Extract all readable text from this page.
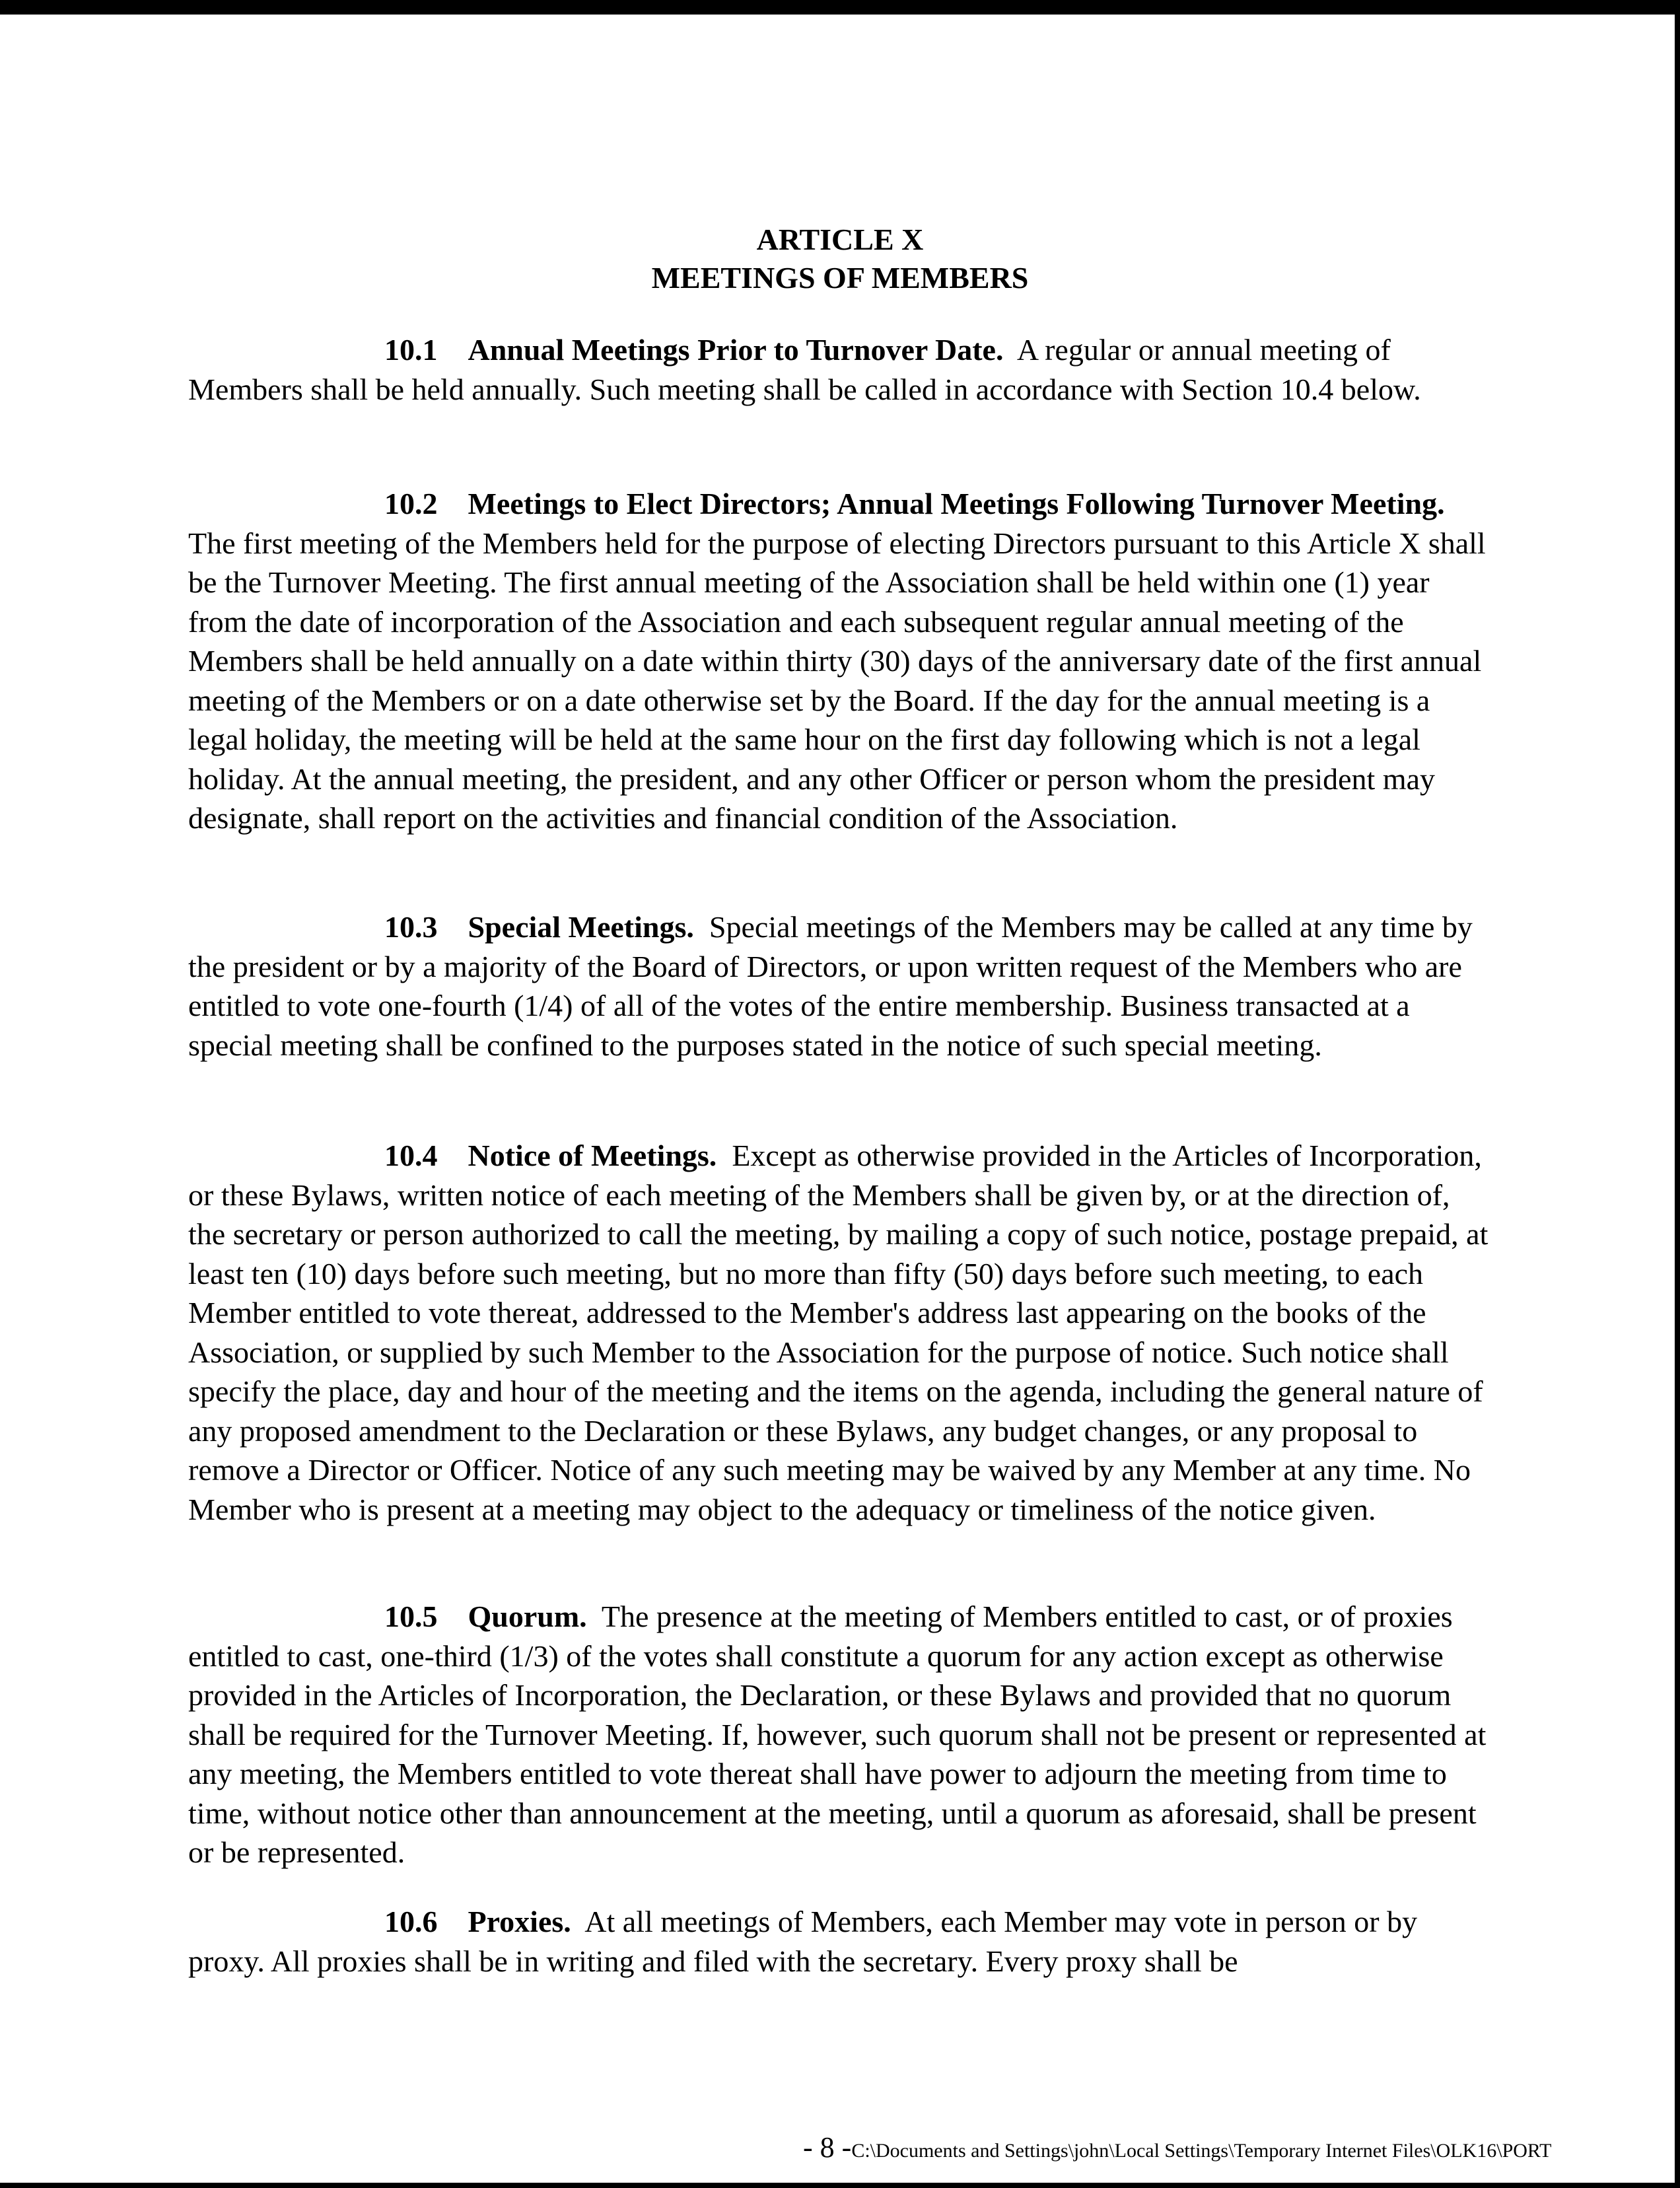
ARTICLE X
MEETINGS OF MEMBERS

10.1 Annual Meetings Prior to Turnover Date. A regular or annual meeting of Members shall be held annually. Such meeting shall be called in accordance with Section 10.4 below.

10.2 Meetings to Elect Directors; Annual Meetings Following Turnover Meeting.  The first meeting of the Members held for the purpose of electing Directors pursuant to this Article X shall be the Turnover Meeting. The first annual meeting of the Association shall be held within one (1) year from the date of incorporation of the Association and each subsequent regular annual meeting of the Members shall be held annually on a date within thirty (30) days of the anniversary date of the first annual meeting of the Members or on a date otherwise set by the Board. If the day for the annual meeting is a legal holiday, the meeting will be held at the same hour on the first day following which is not a legal holiday. At the annual meeting, the president, and any other Officer or person whom the president may designate, shall report on the activities and financial condition of the Association.

10.3 Special Meetings. Special meetings of the Members may be called at any time by the president or by a majority of the Board of Directors, or upon written request of the Members who are entitled to vote one-fourth (1/4) of all of the votes of the entire membership. Business transacted at a special meeting shall be confined to the purposes stated in the notice of such special meeting.

10.4 Notice of Meetings. Except as otherwise provided in the Articles of Incorporation, or these Bylaws, written notice of each meeting of the Members shall be given by, or at the direction of, the secretary or person authorized to call the meeting, by mailing a copy of such notice, postage prepaid, at least ten (10) days before such meeting, but no more than fifty (50) days before such meeting, to each Member entitled to vote thereat, addressed to the Member's address last appearing on the books of the Association, or supplied by such Member to the Association for the purpose of notice. Such notice shall specify the place, day and hour of the meeting and the items on the agenda, including the general nature of any proposed amendment to the Declaration or these Bylaws, any budget changes, or any proposal to remove a Director or Officer. Notice of any such meeting may be waived by any Member at any time. No Member who is present at a meeting may object to the adequacy or timeliness of the notice given.

10.5 Quorum. The presence at the meeting of Members entitled to cast, or of proxies entitled to cast, one-third (1/3) of the votes shall constitute a quorum for any action except as otherwise provided in the Articles of Incorporation, the Declaration, or these Bylaws and provided that no quorum shall be required for the Turnover Meeting. If, however, such quorum shall not be present or represented at any meeting, the Members entitled to vote thereat shall have power to adjourn the meeting from time to time, without notice other than announcement at the meeting, until a quorum as aforesaid, shall be present or be represented.

10.6 Proxies. At all meetings of Members, each Member may vote in person or by proxy. All proxies shall be in writing and filed with the secretary. Every proxy shall be

- 8 -C:\Documents and Settings\john\Local Settings\Temporary Internet Files\OLK16\PORT
